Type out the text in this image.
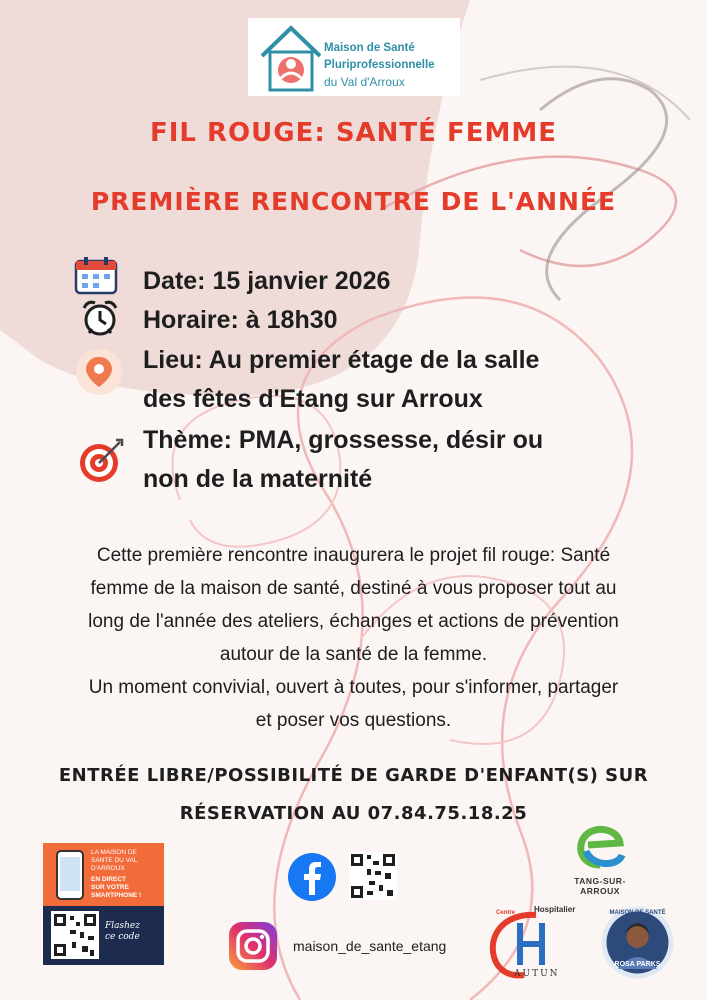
Maison de Santé
Pluriprofessionnelle
du Val d'Arroux
FIL ROUGE: SANTÉ FEMME
PREMIÈRE RENCONTRE DE L'ANNÉE
Date: 15 janvier 2026
Horaire: à 18h30
Lieu: Au premier étage de la salle
des fêtes d'Etang sur Arroux
Thème: PMA, grossesse, désir ou
non de la maternité

Cette première rencontre inaugurera le projet fil rouge: Santé

femme de la maison de santé, destiné à vous proposer tout au

long de l'année des ateliers, échanges et actions de prévention

autour de la santé de la femme.

Un moment convivial, ouvert à toutes, pour s'informer, partager

et poser vos questions.

ENTRÉE LIBRE/POSSIBILITÉ DE GARDE D'ENFANT(S) SUR
RÉSERVATION AU 07.84.75.18.25
LA MAISON DE
SANTE DU VAL
D'ARROUX
EN DIRECT
SUR VOTRE
SMARTPHONE !
Flashez
ce code
maison_de_sante_etang
TANG-SUR-ARROUX
Hospitalier
Centre
AUTUN
MAISON DE SANTÉ
ROSA PARKS
